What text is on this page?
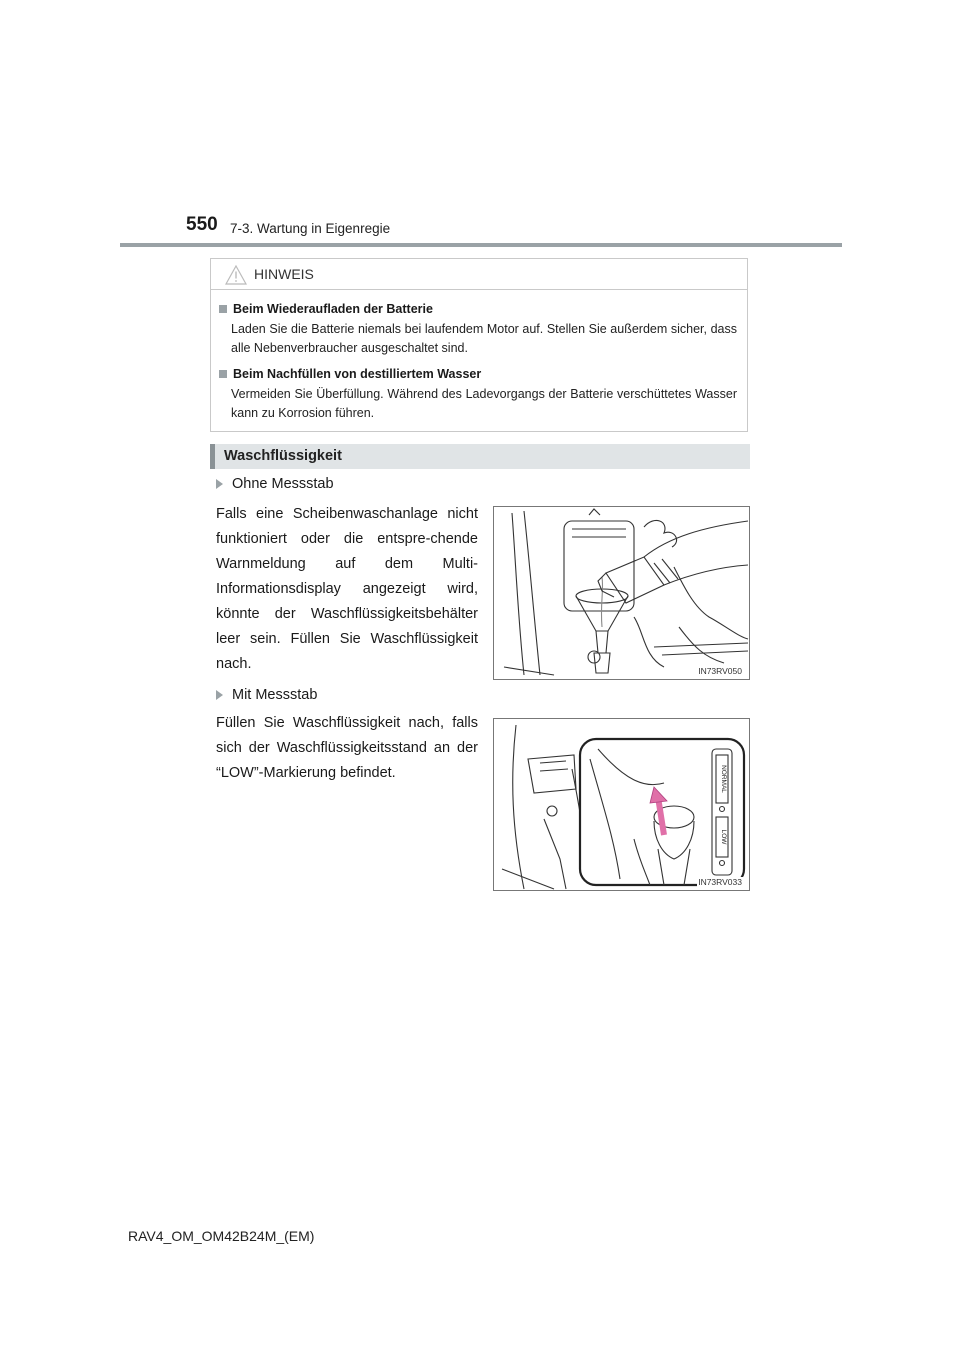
550 7-3. Wartung in Eigenregie
HINWEIS
Beim Wiederaufladen der Batterie
Laden Sie die Batterie niemals bei laufendem Motor auf. Stellen Sie außerdem sicher, dass alle Nebenverbraucher ausgeschaltet sind.
Beim Nachfüllen von destilliertem Wasser
Vermeiden Sie Überfüllung. Während des Ladevorgangs der Batterie verschüttetes Wasser kann zu Korrosion führen.
Waschflüssigkeit
Ohne Messstab
Falls eine Scheibenwaschanlage nicht funktioniert oder die entspre-chende Warnmeldung auf dem Multi-Informationsdisplay angezeigt wird, könnte der Waschflüssigkeitsbehälter leer sein. Füllen Sie Waschflüssigkeit nach.	IN73RV050
Mit Messstab
Füllen Sie Waschflüssigkeit nach, falls sich der Waschflüssigkeitsstand an der “LOW”-Markierung befindet.	NORMAL
LOW
IN73RV033
RAV4_OM_OM42B24M_(EM)
